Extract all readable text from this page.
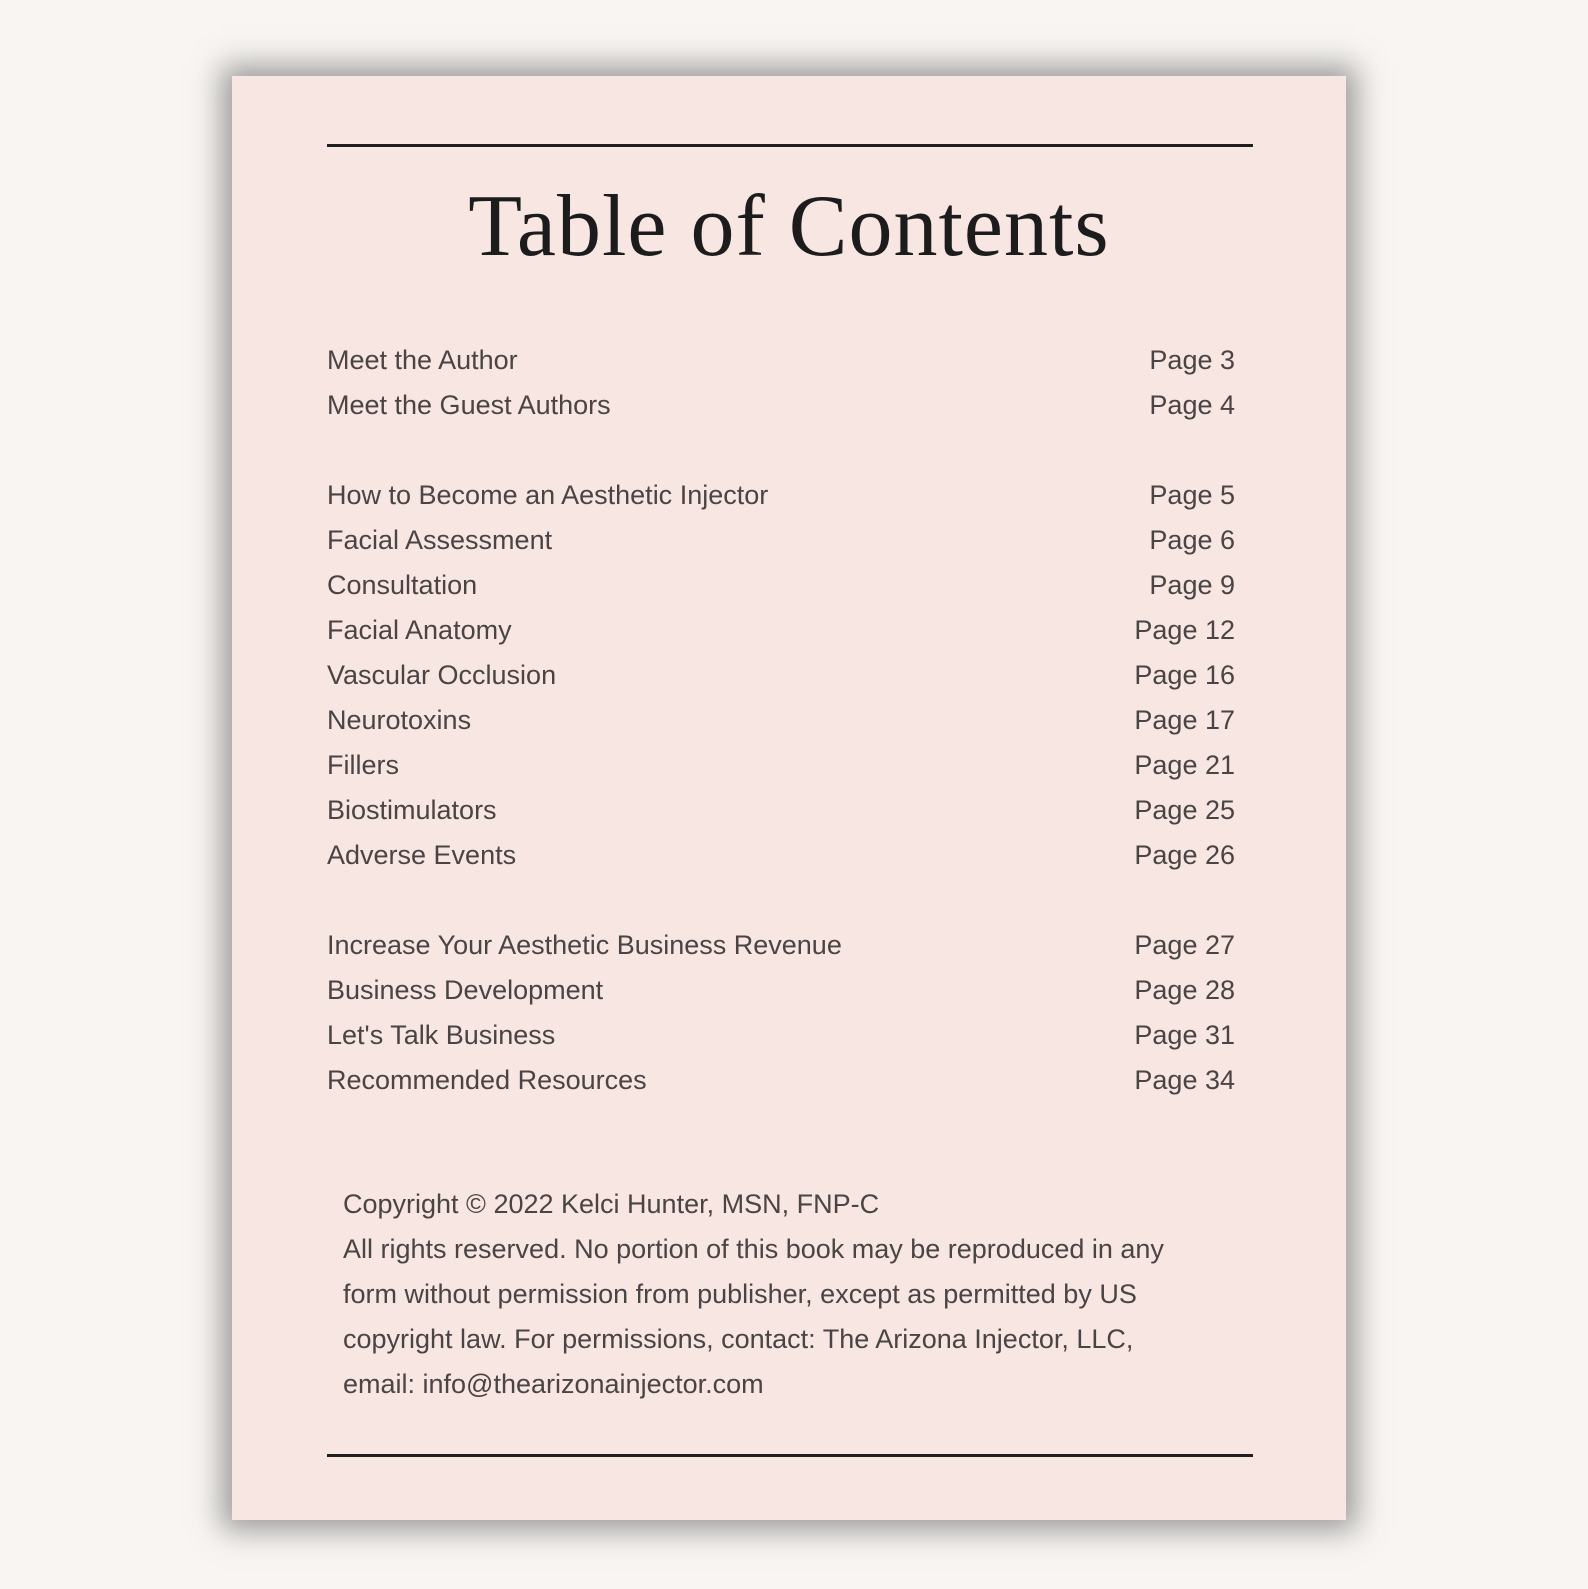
Table of Contents
Meet the Author	Page 3
Meet the Guest Authors	Page 4
How to Become an Aesthetic Injector	Page 5
Facial Assessment	Page 6
Consultation	Page 9
Facial Anatomy	Page 12
Vascular Occlusion	Page 16
Neurotoxins	Page 17
Fillers	Page 21
Biostimulators	Page 25
Adverse Events	Page 26
Increase Your Aesthetic Business Revenue	Page 27
Business Development	Page 28
Let's Talk Business	Page 31
Recommended Resources	Page 34
Copyright © 2022 Kelci Hunter, MSN, FNP-C
All rights reserved. No portion of this book may be reproduced in any
form without permission from publisher, except as permitted by US
copyright law. For permissions, contact: The Arizona Injector, LLC,
email: info@thearizonainjector.com
